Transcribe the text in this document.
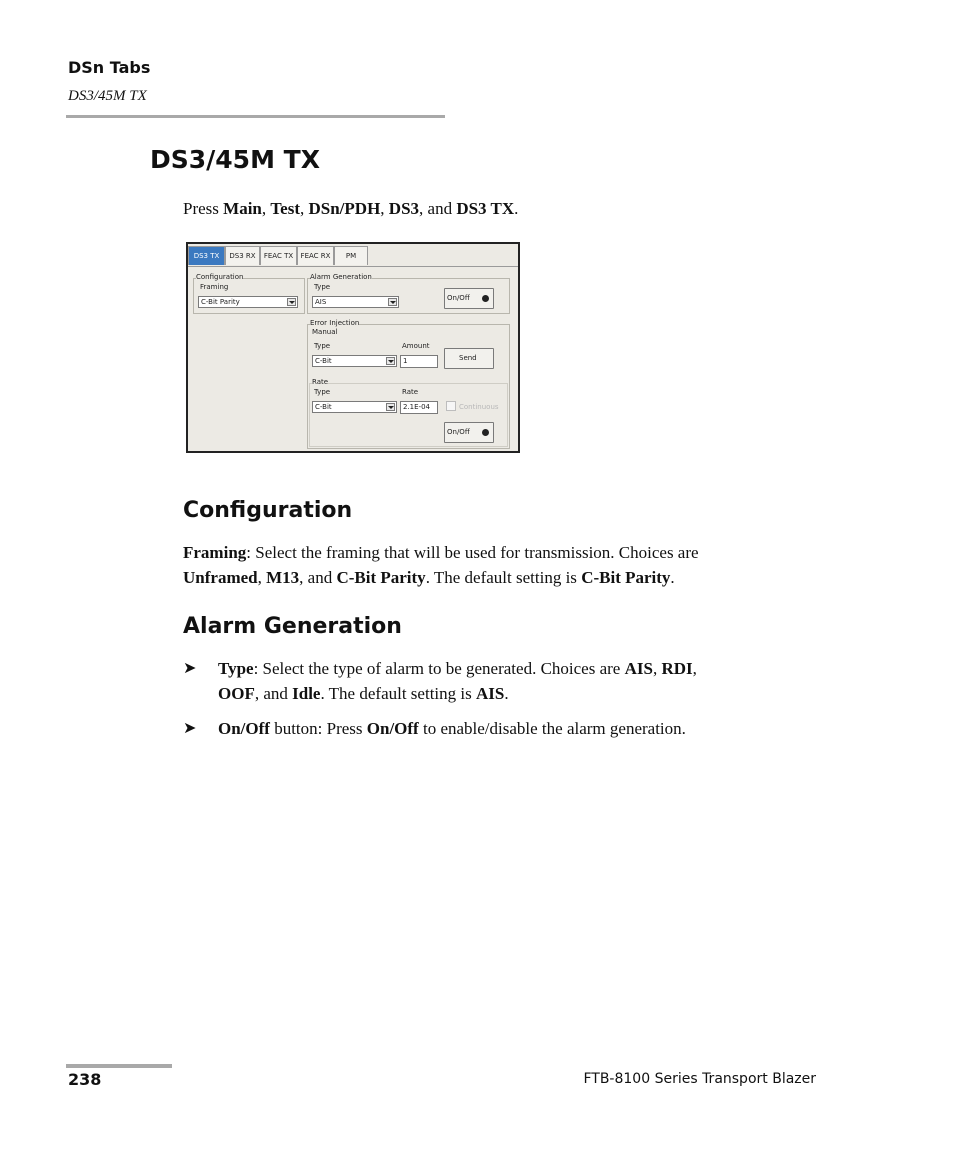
DSn Tabs
DS3/45M TX
DS3/45M TX
Press Main, Test, DSn/PDH, DS3, and DS3 TX.
DS3 TX	DS3 RX	FEAC TX	FEAC RX	PM
Configuration
Framing
C-Bit Parity
Alarm Generation
Type
AIS	On/Off
Error Injection
Manual
Type
C-Bit
Amount
1	Send
Rate
Type
C-Bit
Rate
2.1E-04	Continuous
On/Off
Configuration
Framing: Select the framing that will be used for transmission. Choices are
Unframed, M13, and C-Bit Parity. The default setting is C-Bit Parity.
Alarm Generation
➤ Type: Select the type of alarm to be generated. Choices are AIS, RDI,
OOF, and Idle. The default setting is AIS.
➤ On/Off button: Press On/Off to enable/disable the alarm generation.
238	FTB-8100 Series Transport Blazer
